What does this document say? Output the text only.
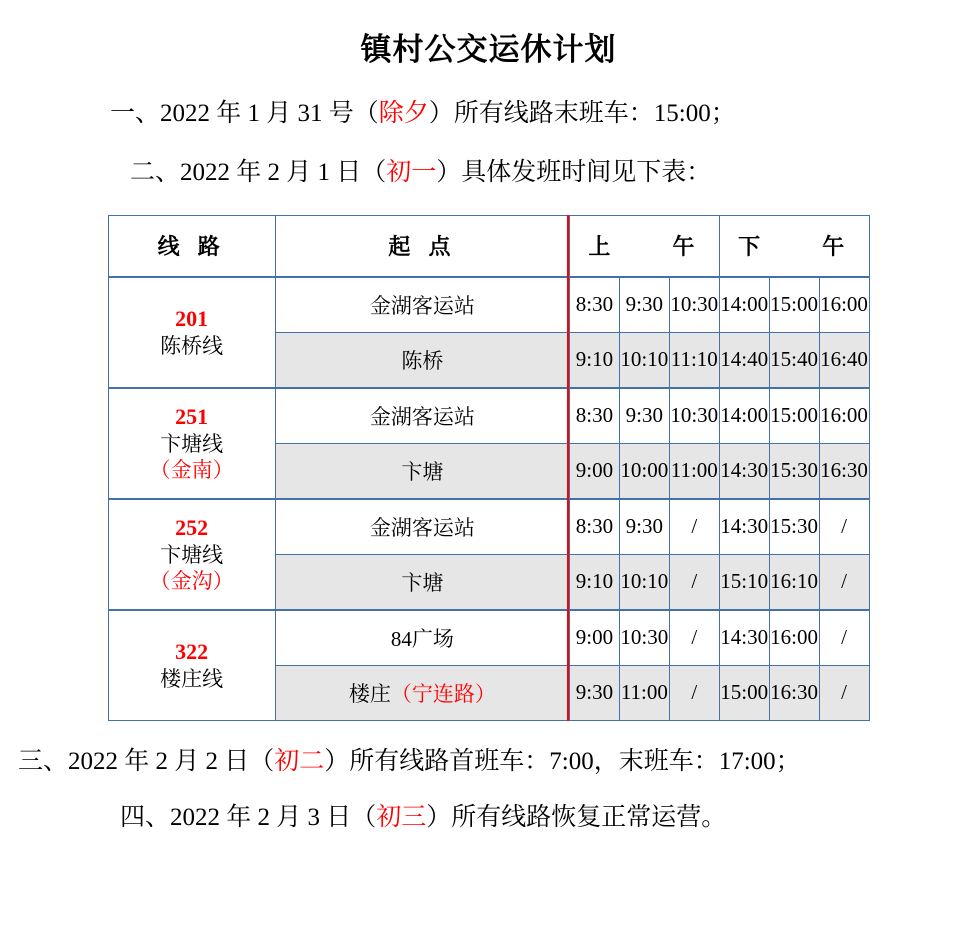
镇村公交运休计划

一、2022 年 1 月 31 号（除夕）所有线路末班车：15:00；

二、2022 年 2 月 1 日（初一）具体发班时间见下表：

线 路	起 点	上　　午			下　　午		

201
陈桥线	金湖客运站	8:30	9:30	10:30	14:00	15:00	16:00
	陈桥	9:10	10:10	11:10	14:40	15:40	16:40

251
卞塘线
（金南）	金湖客运站	8:30	9:30	10:30	14:00	15:00	16:00
	卞塘	9:00	10:00	11:00	14:30	15:30	16:30

252
卞塘线
（金沟）	金湖客运站	8:30	9:30	/	14:30	15:30	/
	卞塘	9:10	10:10	/	15:10	16:10	/

322
楼庄线	84广场	9:00	10:30	/	14:30	16:00	/
	楼庄（宁连路）	9:30	11:00	/	15:00	16:30	/

三、2022 年 2 月 2 日（初二）所有线路首班车：7:00，末班车：17:00；

四、2022 年 2 月 3 日（初三）所有线路恢复正常运营。
